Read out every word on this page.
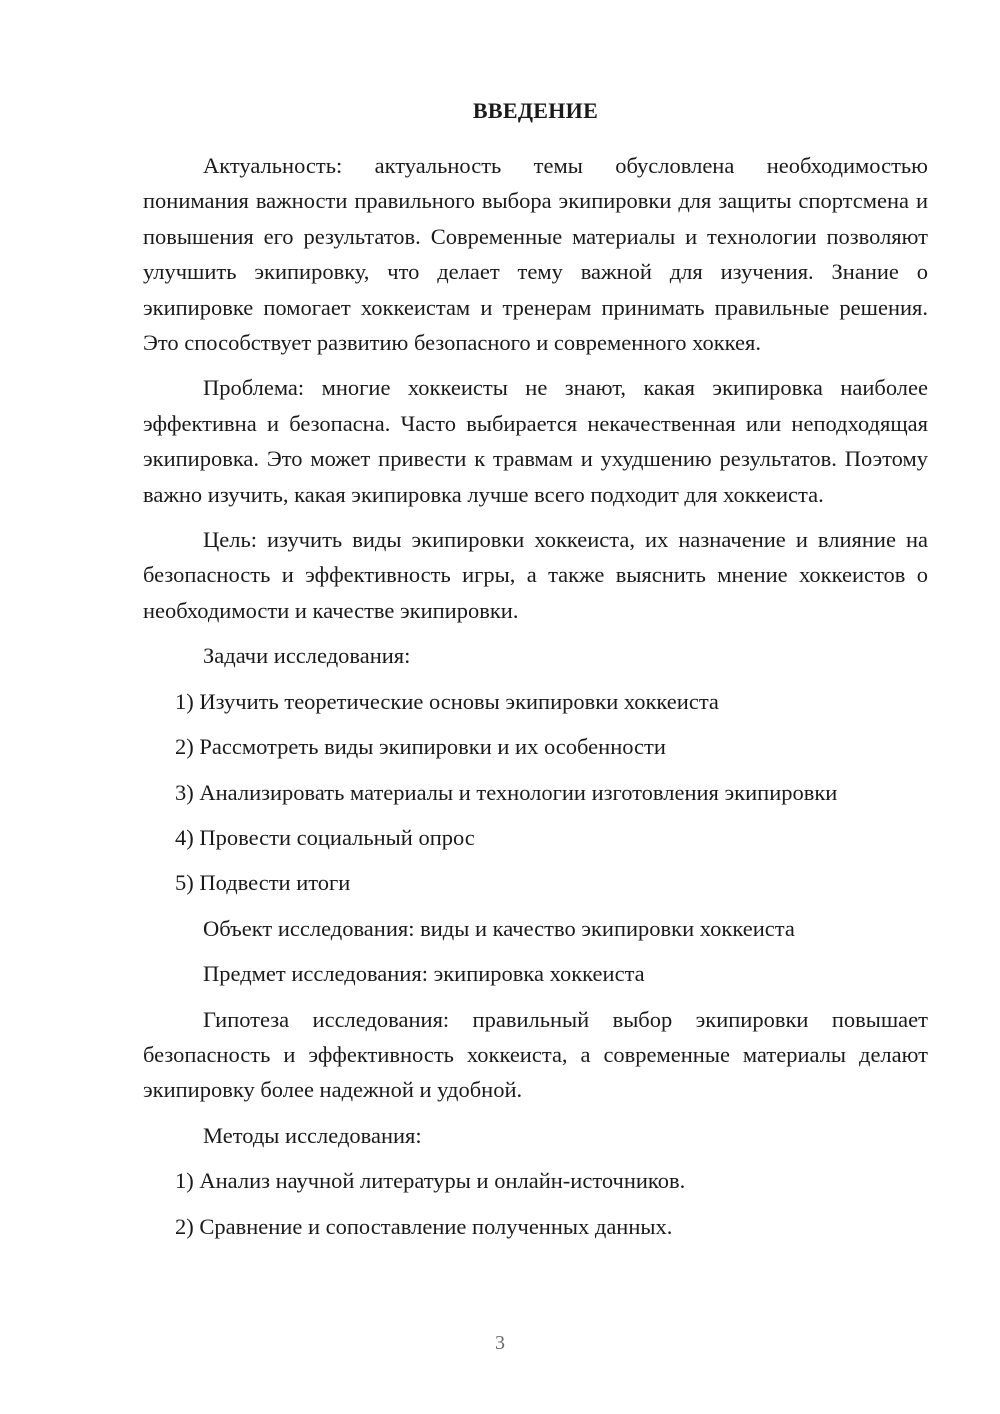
ВВЕДЕНИЕ
Актуальность: актуальность темы обусловлена необходимостью понимания важности правильного выбора экипировки для защиты спортсмена и повышения его результатов. Современные материалы и технологии позволяют улучшить экипировку, что делает тему важной для изучения. Знание о экипировке помогает хоккеистам и тренерам принимать правильные решения. Это способствует развитию безопасного и современного хоккея.
Проблема: многие хоккеисты не знают, какая экипировка наиболее эффективна и безопасна. Часто выбирается некачественная или неподходящая экипировка. Это может привести к травмам и ухудшению результатов. Поэтому важно изучить, какая экипировка лучше всего подходит для хоккеиста.
Цель: изучить виды экипировки хоккеиста, их назначение и влияние на безопасность и эффективность игры, а также выяснить мнение хоккеистов о необходимости и качестве экипировки.
Задачи исследования:
1) Изучить теоретические основы экипировки хоккеиста
2) Рассмотреть виды экипировки и их особенности
3) Анализировать материалы и технологии изготовления экипировки
4) Провести социальный опрос
5) Подвести итоги
Объект исследования: виды и качество экипировки хоккеиста
Предмет исследования: экипировка хоккеиста
Гипотеза исследования: правильный выбор экипировки повышает безопасность и эффективность хоккеиста, а современные материалы делают экипировку более надежной и удобной.
Методы исследования:
1) Анализ научной литературы и онлайн-источников.
2) Сравнение и сопоставление полученных данных.
3
